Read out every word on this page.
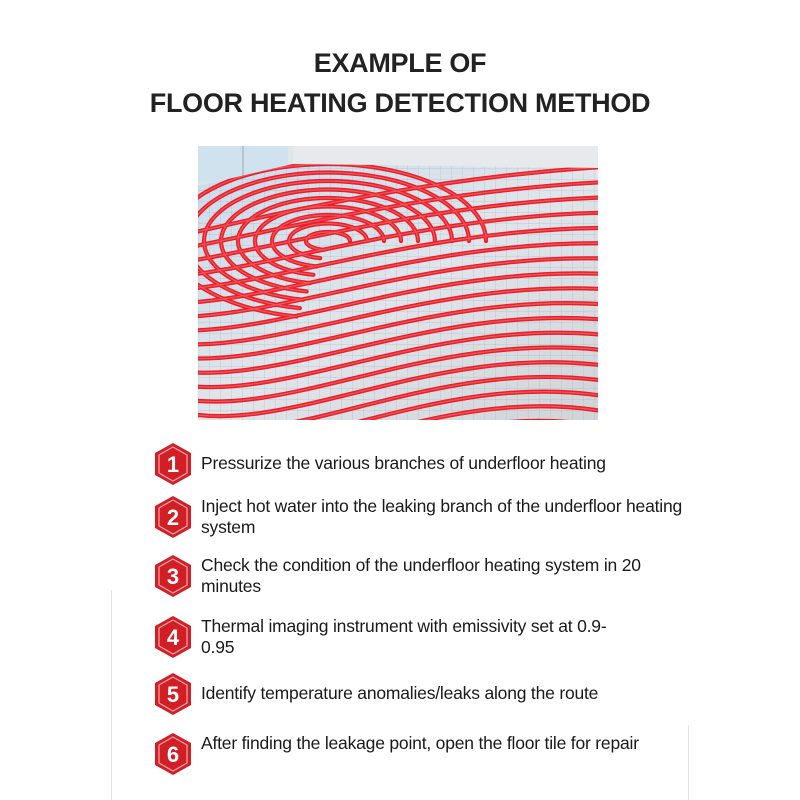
EXAMPLE OF
FLOOR HEATING DETECTION METHOD
1 Pressurize the various branches of underfloor heating
2 Inject hot water into the leaking branch of the underfloor heating system
3 Check the condition of the underfloor heating system in 20 minutes
4 Thermal imaging instrument with emissivity set at 0.9-0.95
5 Identify temperature anomalies/leaks along the route
6 After finding the leakage point, open the floor tile for repair
